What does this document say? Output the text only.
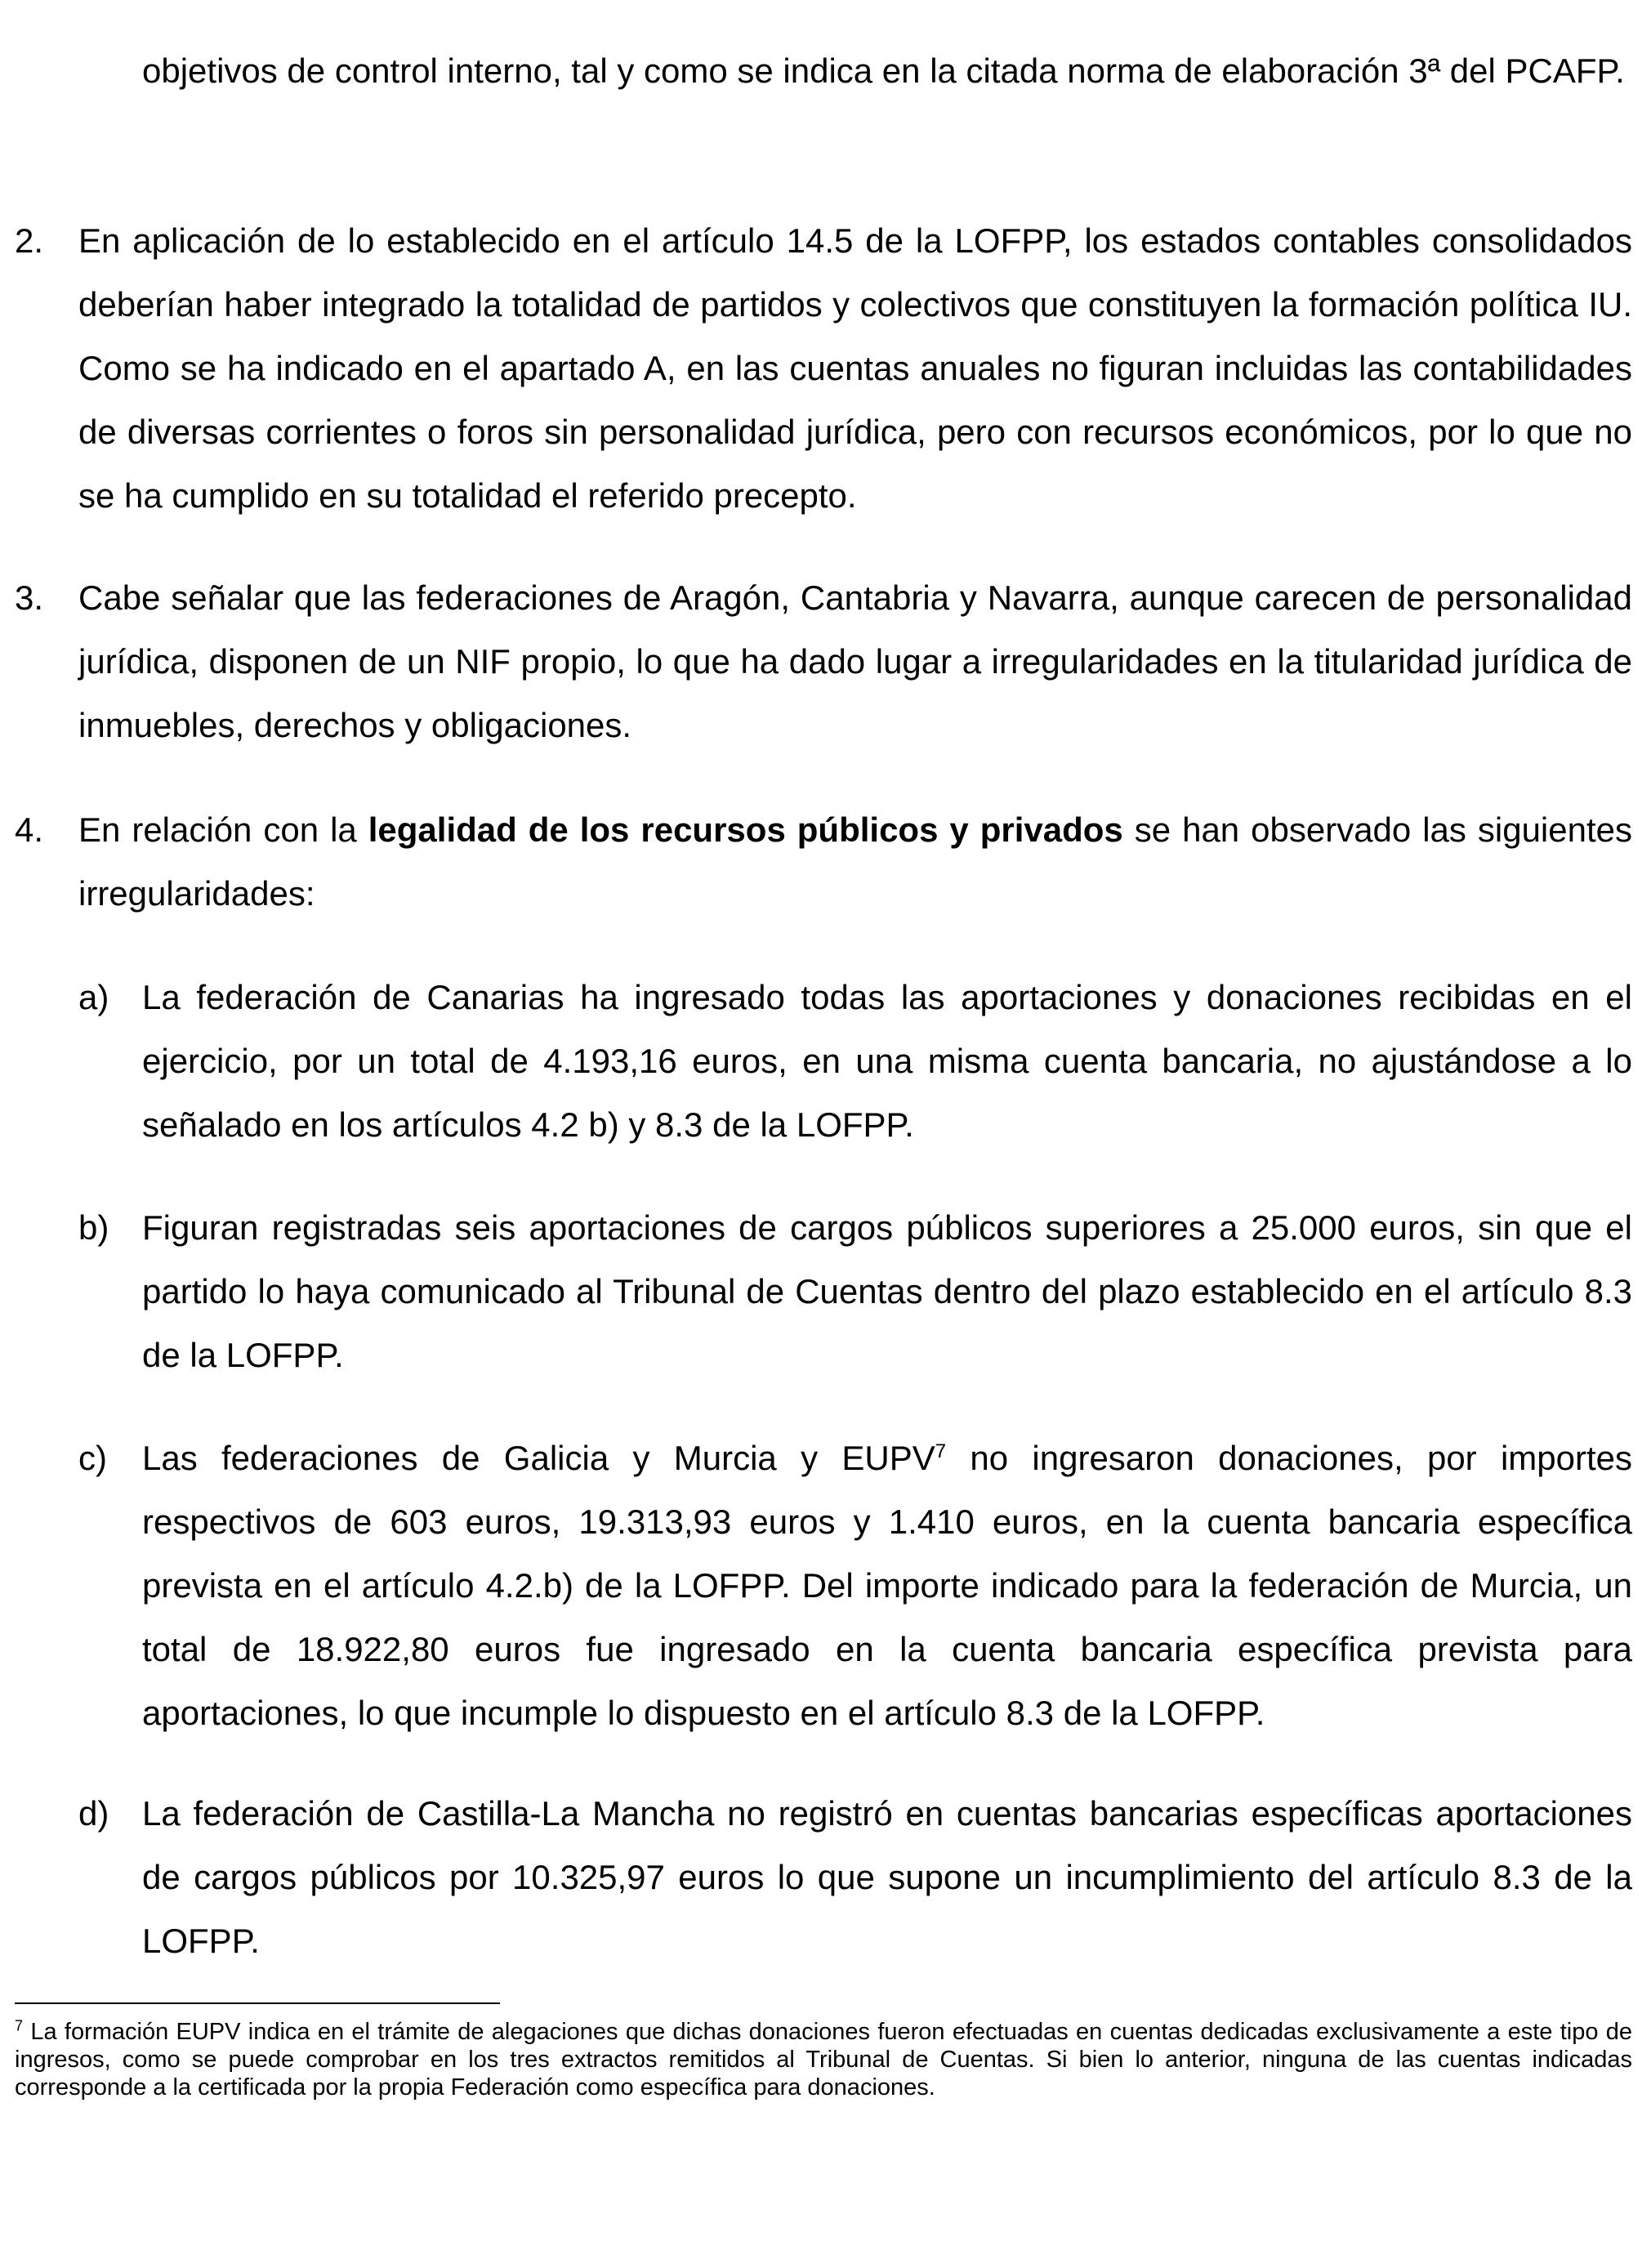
objetivos de control interno, tal y como se indica en la citada norma de elaboración 3ª del PCAFP.

2. En aplicación de lo establecido en el artículo 14.5 de la LOFPP, los estados contables consolidados deberían haber integrado la totalidad de partidos y colectivos que constituyen la formación política IU. Como se ha indicado en el apartado A, en las cuentas anuales no figuran incluidas las contabilidades de diversas corrientes o foros sin personalidad jurídica, pero con recursos económicos, por lo que no se ha cumplido en su totalidad el referido precepto.

3. Cabe señalar que las federaciones de Aragón, Cantabria y Navarra, aunque carecen de personalidad jurídica, disponen de un NIF propio, lo que ha dado lugar a irregularidades en la titularidad jurídica de inmuebles, derechos y obligaciones.

4. En relación con la legalidad de los recursos públicos y privados se han observado las siguientes irregularidades:

a) La federación de Canarias ha ingresado todas las aportaciones y donaciones recibidas en el ejercicio, por un total de 4.193,16 euros, en una misma cuenta bancaria, no ajustándose a lo señalado en los artículos 4.2 b) y 8.3 de la LOFPP.

b) Figuran registradas seis aportaciones de cargos públicos superiores a 25.000 euros, sin que el partido lo haya comunicado al Tribunal de Cuentas dentro del plazo establecido en el artículo 8.3 de la LOFPP.

c) Las federaciones de Galicia y Murcia y EUPV$^7$ no ingresaron donaciones, por importes respectivos de 603 euros, 19.313,93 euros y 1.410 euros, en la cuenta bancaria específica prevista en el artículo 4.2.b) de la LOFPP. Del importe indicado para la federación de Murcia, un total de 18.922,80 euros fue ingresado en la cuenta bancaria específica prevista para aportaciones, lo que incumple lo dispuesto en el artículo 8.3 de la LOFPP.

d) La federación de Castilla-La Mancha no registró en cuentas bancarias específicas aportaciones de cargos públicos por 10.325,97 euros lo que supone un incumplimiento del artículo 8.3 de la LOFPP.

$^7$ La formación EUPV indica en el trámite de alegaciones que dichas donaciones fueron efectuadas en cuentas dedicadas exclusivamente a este tipo de ingresos, como se puede comprobar en los tres extractos remitidos al Tribunal de Cuentas. Si bien lo anterior, ninguna de las cuentas indicadas corresponde a la certificada por la propia Federación como específica para donaciones.
